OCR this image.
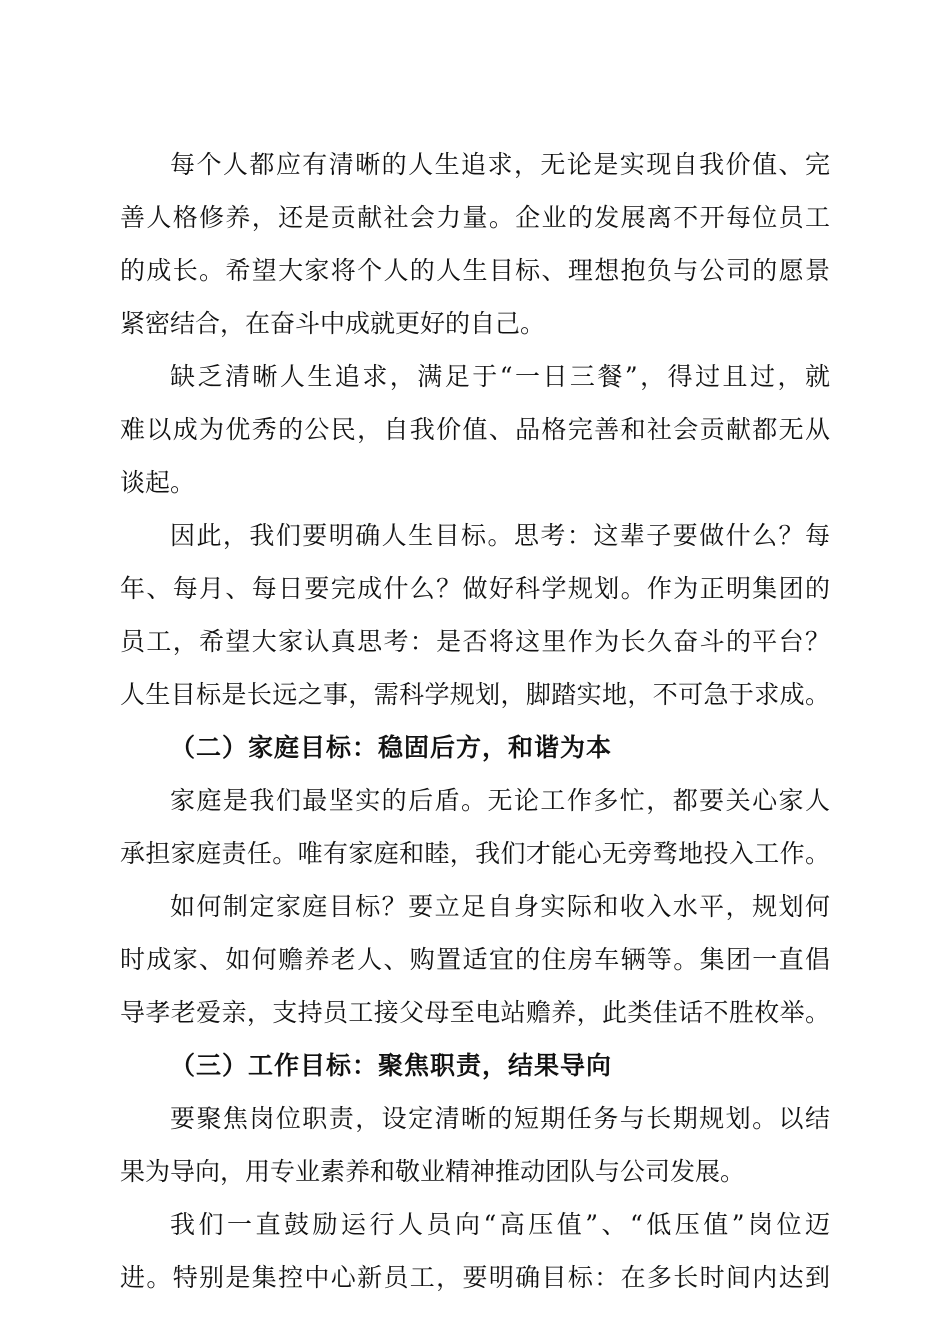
每个人都应有清晰的人生追求，无论是实现自我价值、完
善人格修养，还是贡献社会力量。企业的发展离不开每位员工
的成长。希望大家将个人的人生目标、理想抱负与公司的愿景
紧密结合，在奋斗中成就更好的自己。
缺乏清晰人生追求，满足于“一日三餐”，得过且过，就
难以成为优秀的公民，自我价值、品格完善和社会贡献都无从
谈起。
因此，我们要明确人生目标。思考：这辈子要做什么？每
年、每月、每日要完成什么？做好科学规划。作为正明集团的
员工，希望大家认真思考：是否将这里作为长久奋斗的平台？
人生目标是长远之事，需科学规划，脚踏实地，不可急于求成。
（二）家庭目标：稳固后方，和谐为本
家庭是我们最坚实的后盾。无论工作多忙，都要关心家人
承担家庭责任。唯有家庭和睦，我们才能心无旁骛地投入工作。
如何制定家庭目标？要立足自身实际和收入水平，规划何
时成家、如何赡养老人、购置适宜的住房车辆等。集团一直倡
导孝老爱亲，支持员工接父母至电站赡养，此类佳话不胜枚举。
（三）工作目标：聚焦职责，结果导向
要聚焦岗位职责，设定清晰的短期任务与长期规划。以结
果为导向，用专业素养和敬业精神推动团队与公司发展。
我们一直鼓励运行人员向“高压值”、“低压值”岗位迈
进。特别是集控中心新员工，要明确目标：在多长时间内达到
